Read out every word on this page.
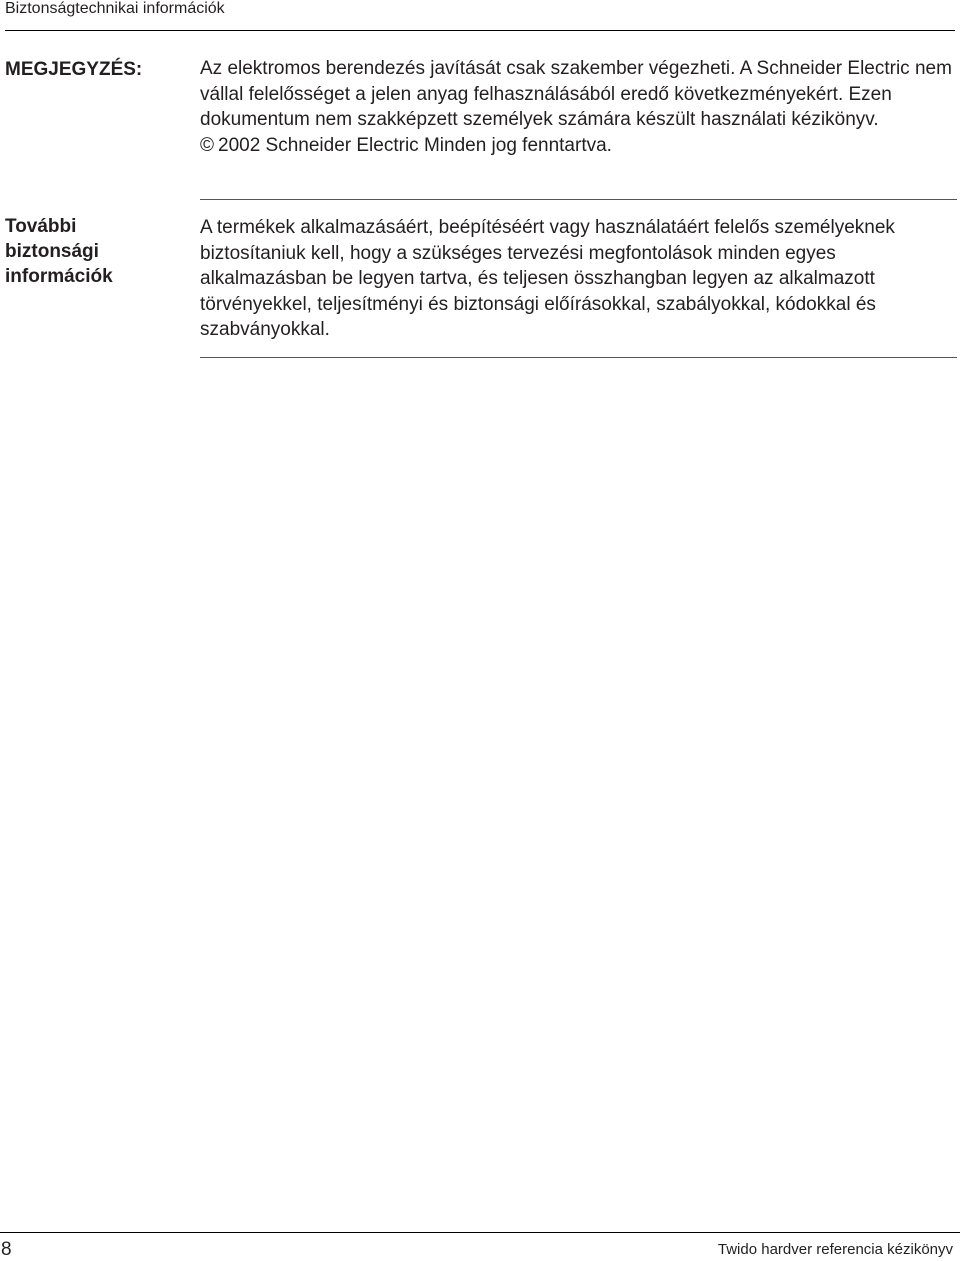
Biztonságtechnikai információk
MEGJEGYZÉS:	Az elektromos berendezés javítását csak szakember végezheti. A Schneider Electric nem vállal felelősséget a jelen anyag felhasználásából eredő következményekért. Ezen dokumentum nem szakképzett személyek számára készült használati kézikönyv.

© 2002 Schneider Electric Minden jog fenntartva.

További biztonsági információk

A termékek alkalmazásáért, beépítéséért vagy használatáért felelős személyeknek biztosítaniuk kell, hogy a szükséges tervezési megfontolások minden egyes alkalmazásban be legyen tartva, és teljesen összhangban legyen az alkalmazott törvényekkel, teljesítményi és biztonsági előírásokkal, szabályokkal, kódokkal és szabványokkal.

8	Twido hardver referencia kézikönyv
